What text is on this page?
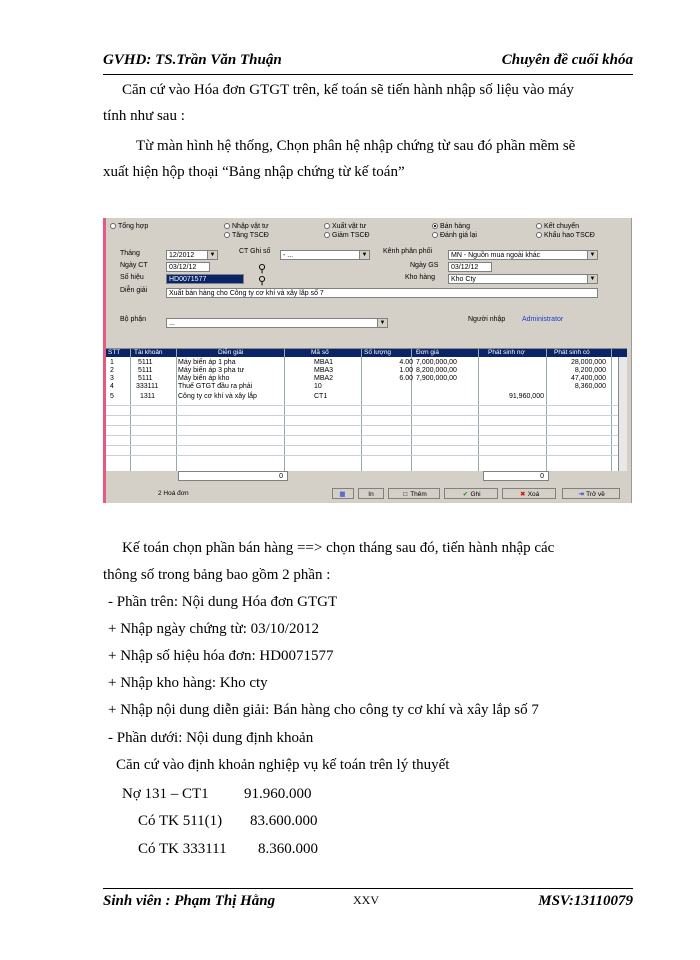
GVHD: TS.Trần Văn Thuận	Chuyên đề cuối khóa
Căn cứ vào Hóa đơn GTGT trên, kế toán sẽ tiến hành nhập số liệu vào máy
tính như sau :
Từ màn hình hệ thống, Chọn phân hệ nhập chứng từ sau đó phần mềm sẽ
xuất hiện hộp thoại “Bảng nhập chứng từ kế toán”
Tổng hợp	Nhập vật tư
Tăng TSCĐ
Xuất vật tư
Giảm TSCĐ
Bán hàng
Đánh giá lại
Kết chuyển
Khấu hao TSCĐ
Tháng	12/2012	▼	CT Ghi số
- ...	▼ Kênh phân phối
MN - Nguồn mua ngoài khác	▼
Ngày CT	03/12/12	Ngày GS	03/12/12
Số hiệu	HD0071577
⚲
Kho hàng	Kho Cty	▼
⚲
Diễn giải	Xuất bán hàng cho Công ty cơ khí và xây lắp số 7
Bộ phận
...	▼	Người nhập Administrator
STT Tài khoản	Diễn giải	Mã số	Số lượng	Đơn giá	Phát sinh nợ	Phát sinh có
1	5111	Máy biến áp 1 pha	MBA1	4.00 7,000,000,00	28,000,000
2	5111	Máy biến áp 3 pha tư	MBA3	1.00 8,200,000,00	8,200,000
3	5111	Máy biến áp kho	MBA2	6.00 7,900,000,00	47,400,000
4	333111	Thuế GTGT đầu ra phải	10	8,360,000
5	1311	Công ty cơ khí và xây lắp	CT1	91,960,000
0	0
2 Hoá đơn	▦	In	□ Thêm	✔ Ghi	✖ Xoá	⇥ Trở về
Kế toán chọn phần bán hàng ==> chọn tháng sau đó, tiến hành nhập các
thông số trong bảng bao gồm 2 phần :
- Phần trên: Nội dung Hóa đơn GTGT
+ Nhập ngày chứng từ: 03/10/2012
+ Nhập số hiệu hóa đơn: HD0071577
+ Nhập kho hàng: Kho cty
+ Nhập nội dung diễn giải: Bán hàng cho công ty cơ khí và xây lắp số 7
- Phần dưới: Nội dung định khoản
Căn cứ vào định khoản nghiệp vụ kế toán trên lý thuyết
Nợ 131 – CT1 91.960.000
Có TK 511(1) 83.600.000
Có TK 333111 8.360.000
Sinh viên : Phạm Thị Hằng	XXV	MSV:13110079
